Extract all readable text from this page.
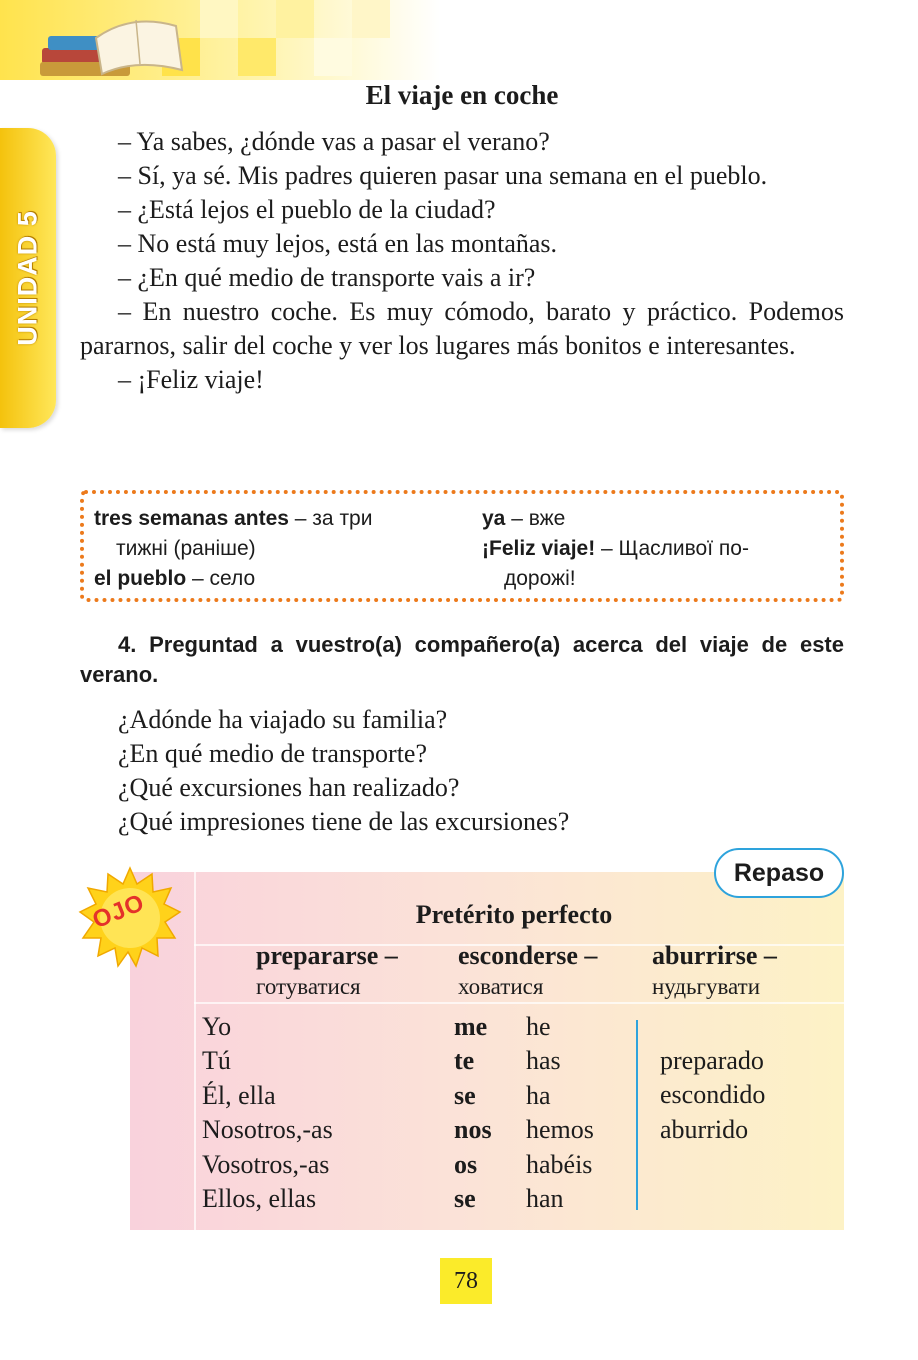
UNIDAD 5
El viaje en coche

– Ya sabes, ¿dónde vas a pasar el verano?

– Sí, ya sé. Mis padres quieren pasar una semana en el pueblo.

– ¿Está lejos el pueblo de la ciudad?

– No está muy lejos, está en las montañas.

– ¿En qué medio de transporte vais a ir?

– En nuestro coche. Es muy cómodo, barato y práctico. Podemos pararnos, salir del coche y ver los lugares más bonitos e interesantes.

– ¡Feliz viaje!

tres semanas antes – за три
тижні (раніше)
el pueblo – село
ya – вже
¡Feliz viaje! – Щасливої по-
дорожі!
4. Preguntad a vuestro(a) compañero(a) acerca del viaje de este verano.

¿Adónde ha viajado su familia?

¿En qué medio de transporte?

¿Qué excursiones han realizado?

¿Qué impresiones tiene de las excursiones?

OJO
Repaso
Pretérito perfecto
prepararse –
готуватися
esconderse –
ховатися
aburrirse –
нудьгувати
Yo
Tú
Él, ella
Nosotros,-as
Vosotros,-as
Ellos, ellas
me
te
se
nos
os
se
he
has
ha
hemos
habéis
han
preparado
escondido
aburrido
78
